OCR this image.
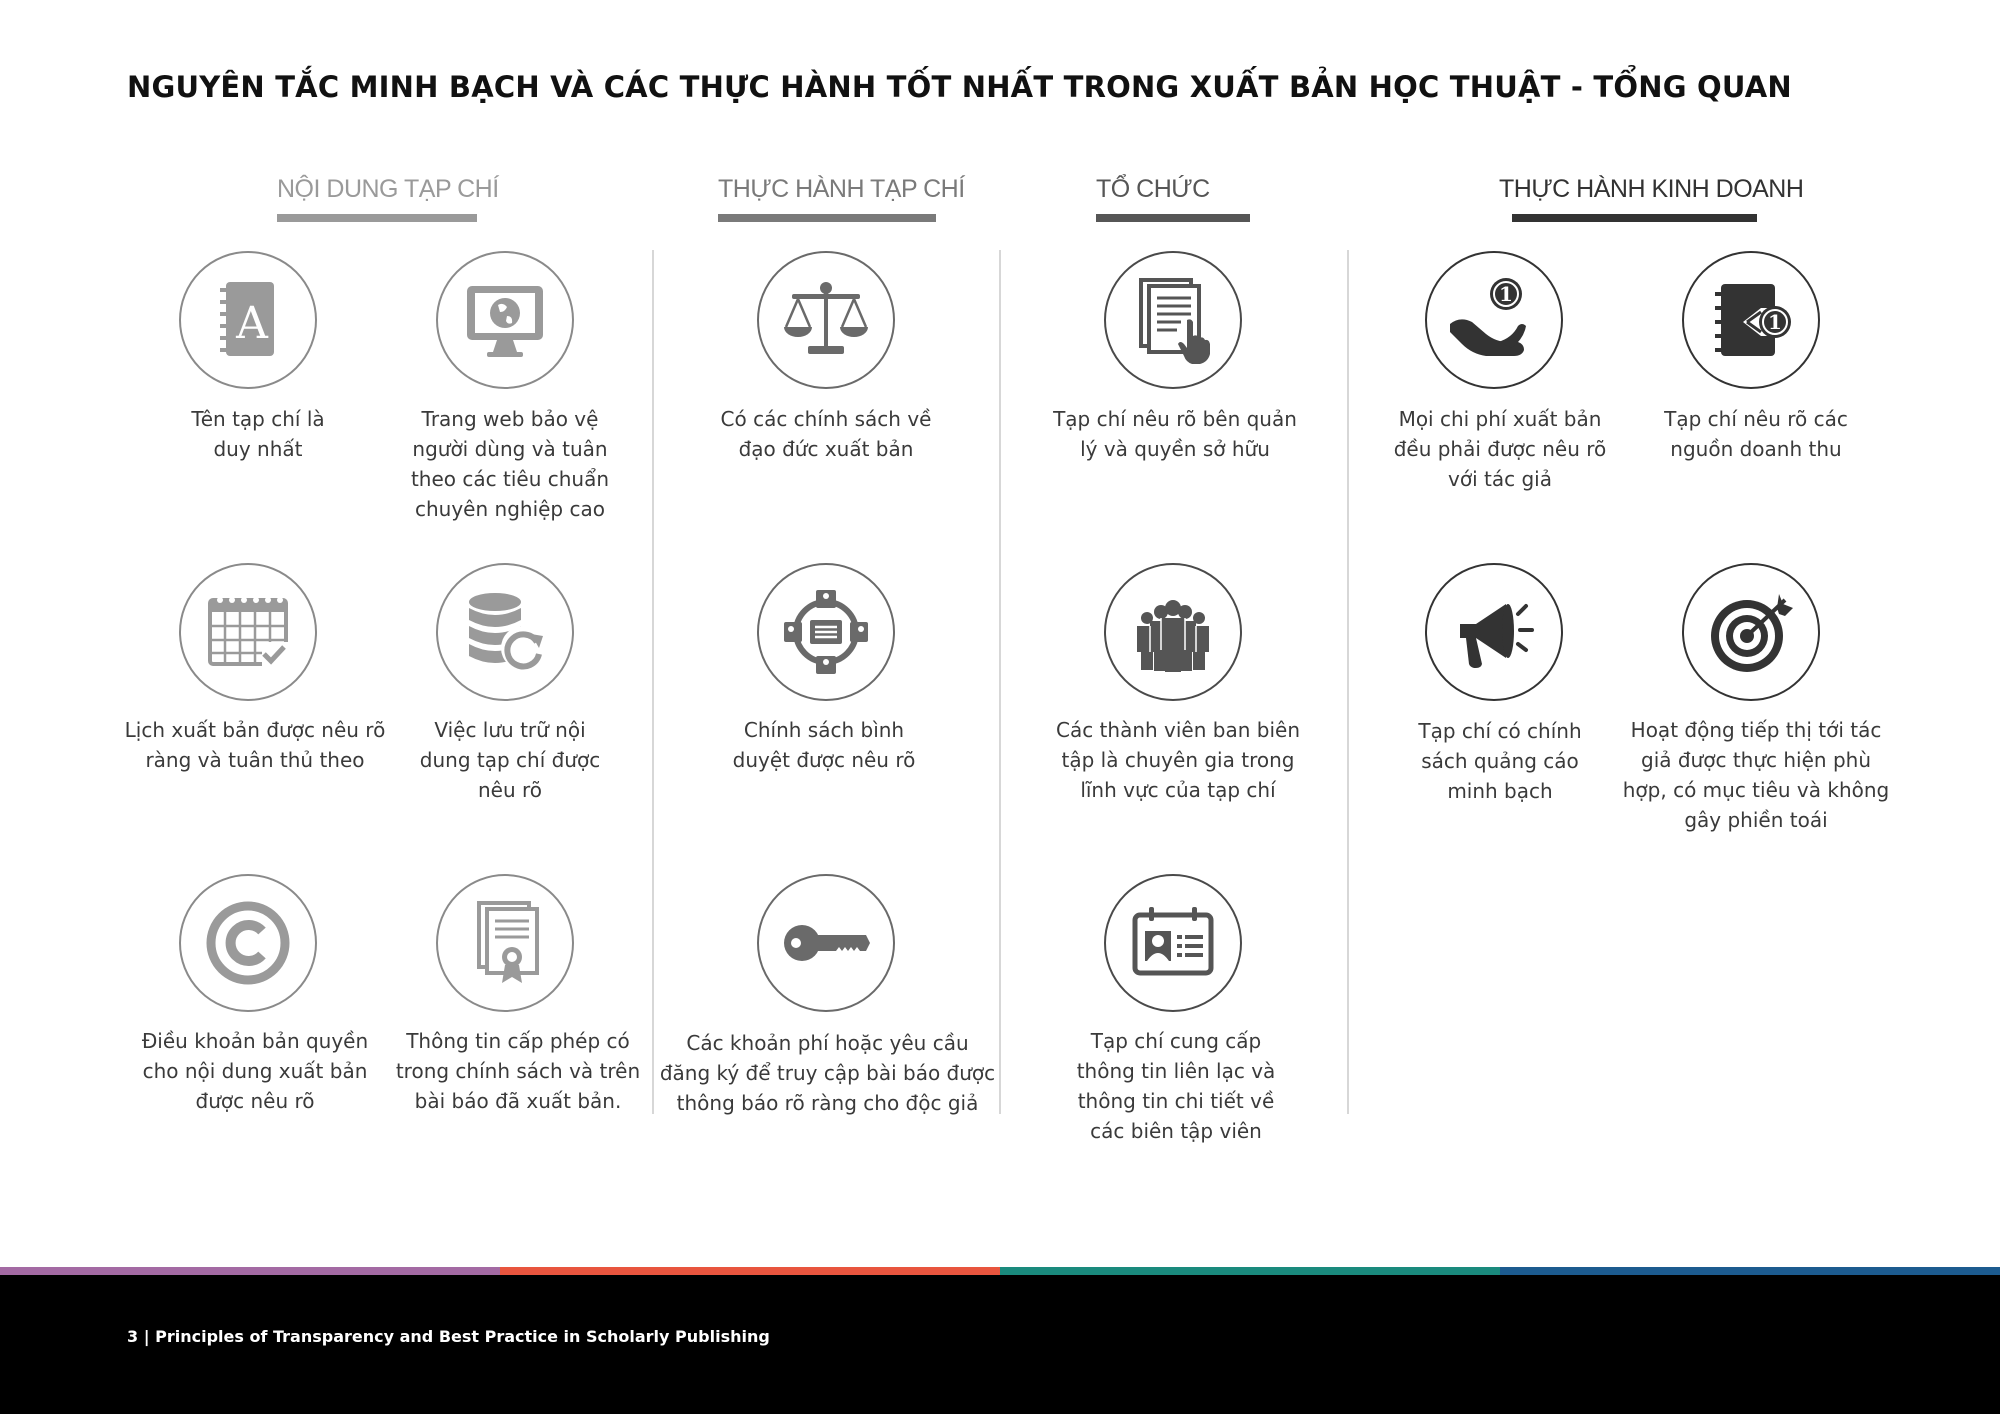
NGUYÊN TẮC MINH BẠCH VÀ CÁC THỰC HÀNH TỐT NHẤT TRONG XUẤT BẢN HỌC THUẬT - TỔNG QUAN
NỘI DUNG TẠP CHÍ	THỰC HÀNH TẠP CHÍ	TỔ CHỨC	THỰC HÀNH KINH DOANH
A
Tên tạp chí là
duy nhất
Trang web bảo vệ
người dùng và tuân
theo các tiêu chuẩn
chuyên nghiệp cao
Lịch xuất bản được nêu rõ
ràng và tuân thủ theo
Việc lưu trữ nội
dung tạp chí được
nêu rõ
Điều khoản bản quyền
cho nội dung xuất bản
được nêu rõ
Thông tin cấp phép có
trong chính sách và trên
bài báo đã xuất bản.
Có các chính sách về
đạo đức xuất bản
Chính sách bình
duyệt được nêu rõ
Các khoản phí hoặc yêu cầu
đăng ký để truy cập bài báo được
thông báo rõ ràng cho độc giả
Tạp chí nêu rõ bên quản
lý và quyền sở hữu
Các thành viên ban biên
tập là chuyên gia trong
lĩnh vực của tạp chí
Tạp chí cung cấp
thông tin liên lạc và
thông tin chi tiết về
các biên tập viên
1
Mọi chi phí xuất bản
đều phải được nêu rõ
với tác giả
1
Tạp chí nêu rõ các
nguồn doanh thu
Tạp chí có chính
sách quảng cáo
minh bạch
Hoạt động tiếp thị tới tác
giả được thực hiện phù
hợp, có mục tiêu và không
gây phiền toái
3 | Principles of Transparency and Best Practice in Scholarly Publishing
